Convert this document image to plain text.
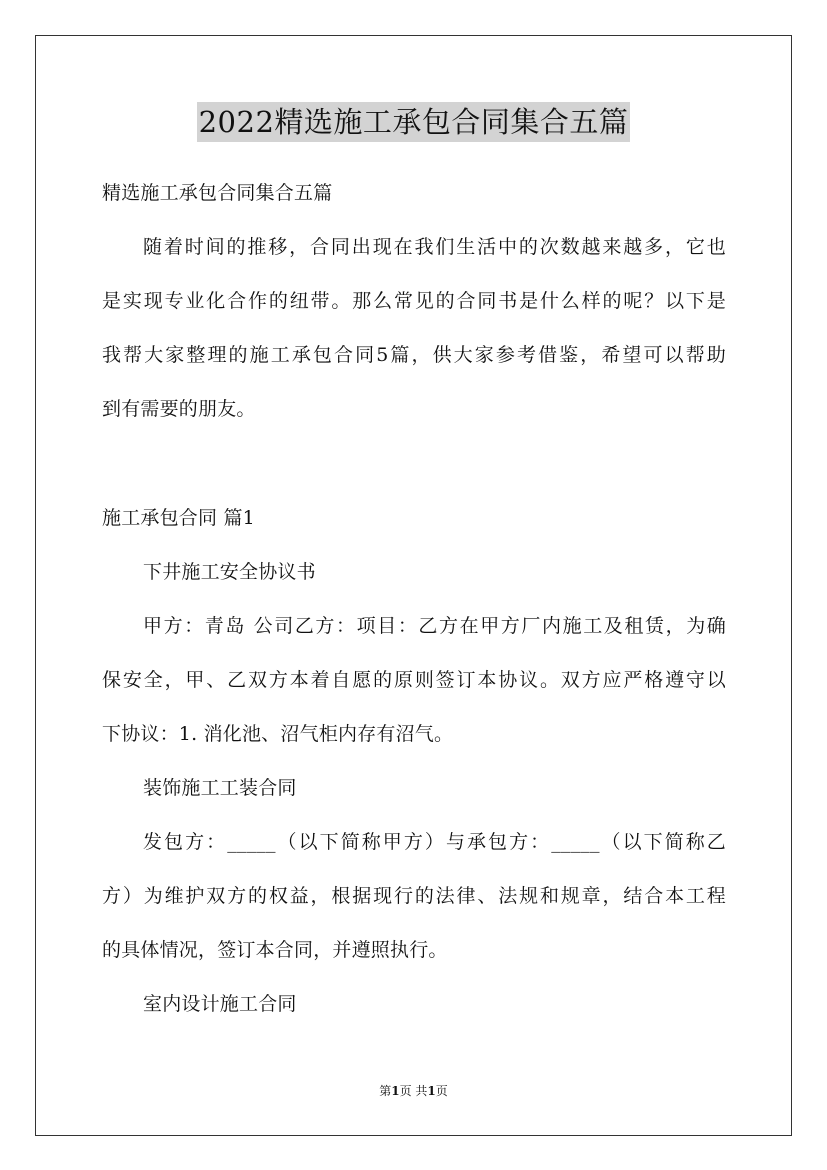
2022精选施工承包合同集合五篇
精选施工承包合同集合五篇
随着时间的推移，合同出现在我们生活中的次数越来越多，它也
是实现专业化合作的纽带。那么常见的合同书是什么样的呢？以下是
我帮大家整理的施工承包合同5篇，供大家参考借鉴，希望可以帮助
到有需要的朋友。
施工承包合同 篇1
下井施工安全协议书
甲方：青岛 公司乙方：项目：乙方在甲方厂内施工及租赁，为确
保安全，甲、乙双方本着自愿的原则签订本协议。双方应严格遵守以
下协议：1. 消化池、沼气柜内存有沼气。
装饰施工工装合同
发包方：_____（以下简称甲方）与承包方：_____（以下简称乙
方）为维护双方的权益，根据现行的法律、法规和规章，结合本工程
的具体情况，签订本合同，并遵照执行。
室内设计施工合同
第1页 共1页
